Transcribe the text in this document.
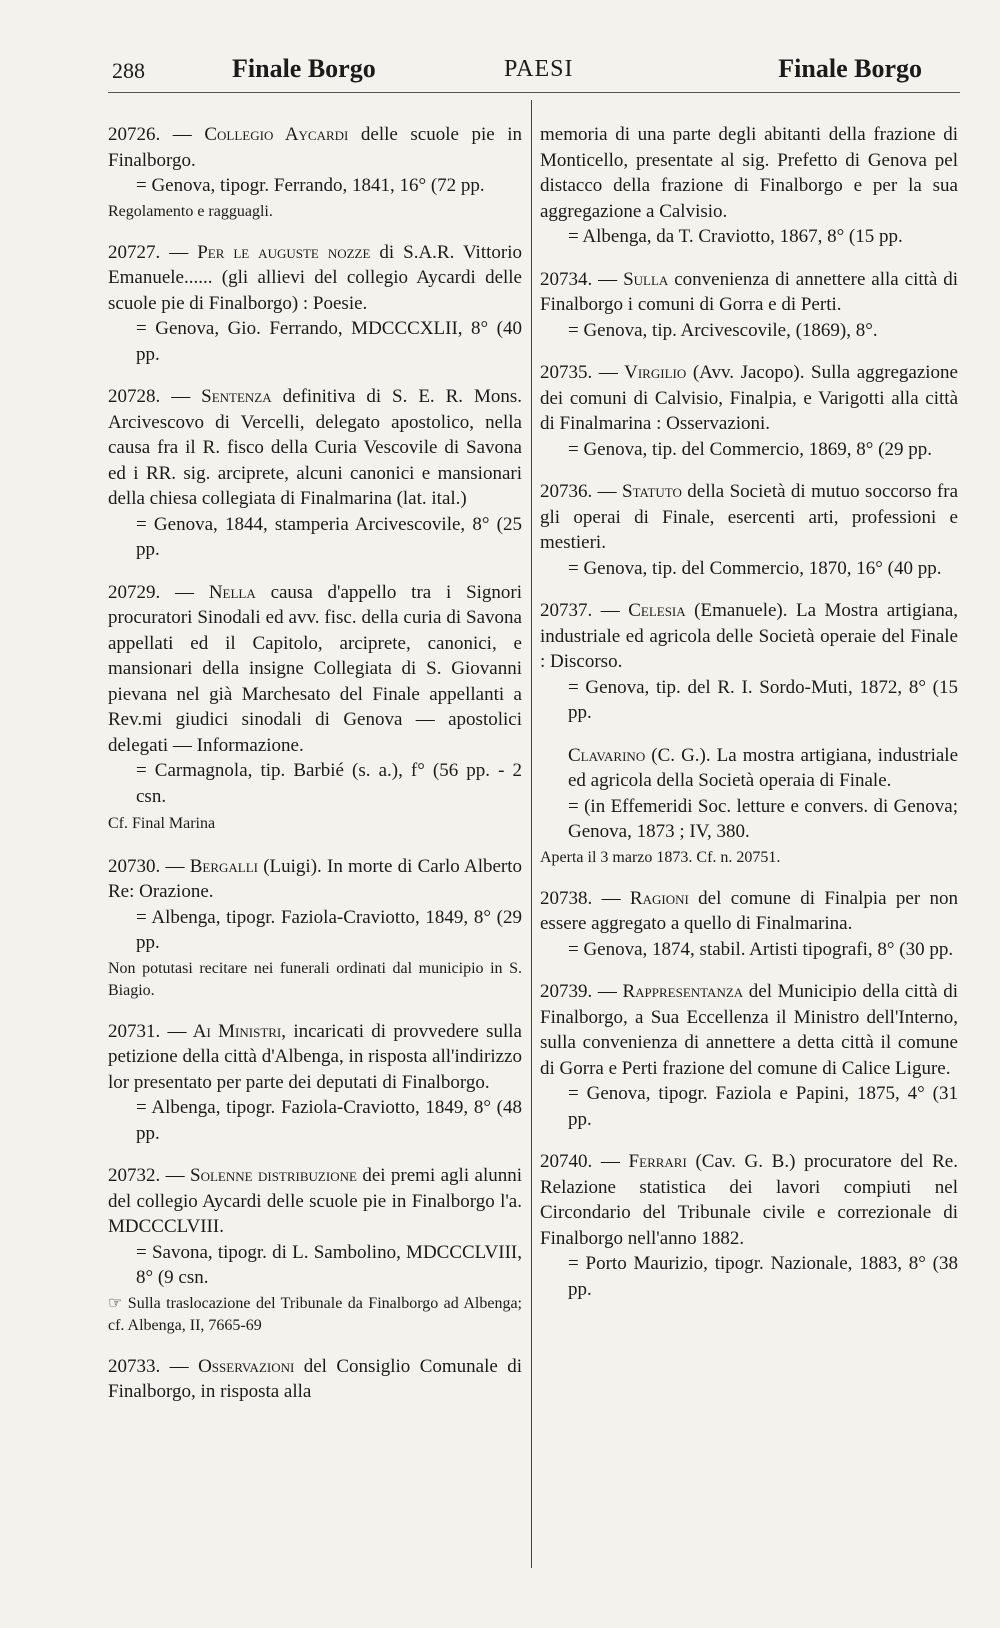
288	Finale Borgo	PAESI	Finale Borgo

20726. — Collegio Aycardi delle scuole pie in Finalborgo.

= Genova, tipogr. Ferrando, 1841, 16° (72 pp.

Regolamento e ragguagli.

20727. — Per le auguste nozze di S.A.R. Vittorio Emanuele...... (gli allievi del collegio Aycardi delle scuole pie di Finalborgo) : Poesie.

= Genova, Gio. Ferrando, MDCCCXLII, 8° (40 pp.

20728. — Sentenza definitiva di S. E. R. Mons. Arcivescovo di Vercelli, delegato apostolico, nella causa fra il R. fisco della Curia Vescovile di Savona ed i RR. sig. arciprete, alcuni canonici e mansionari della chiesa collegiata di Finalmarina (lat. ital.)

= Genova, 1844, stamperia Arcivescovile, 8° (25 pp.

20729. — Nella causa d'appello tra i Signori procuratori Sinodali ed avv. fisc. della curia di Savona appellati ed il Capitolo, arciprete, canonici, e mansionari della insigne Collegiata di S. Giovanni pievana nel già Marchesato del Finale appellanti a Rev.mi giudici sinodali di Genova — apostolici delegati — Informazione.

= Carmagnola, tip. Barbié (s. a.), f° (56 pp. - 2 csn.

Cf. Final Marina

20730. — Bergalli (Luigi). In morte di Carlo Alberto Re: Orazione.

= Albenga, tipogr. Faziola-Craviotto, 1849, 8° (29 pp.

Non potutasi recitare nei funerali ordinati dal municipio in S. Biagio.

20731. — Ai Ministri, incaricati di provvedere sulla petizione della città d'Albenga, in risposta all'indirizzo lor presentato per parte dei deputati di Finalborgo.

= Albenga, tipogr. Faziola-Craviotto, 1849, 8° (48 pp.

20732. — Solenne distribuzione dei premi agli alunni del collegio Aycardi delle scuole pie in Finalborgo l'a. MDCCCLVIII.

= Savona, tipogr. di L. Sambolino, MDCCCLVIII, 8° (9 csn.

☞ Sulla traslocazione del Tribunale da Finalborgo ad Albenga; cf. Albenga, II, 7665-69

20733. — Osservazioni del Consiglio Comunale di Finalborgo, in risposta alla

memoria di una parte degli abitanti della frazione di Monticello, presentate al sig. Prefetto di Genova pel distacco della frazione di Finalborgo e per la sua aggregazione a Calvisio.

= Albenga, da T. Craviotto, 1867, 8° (15 pp.

20734. — Sulla convenienza di annettere alla città di Finalborgo i comuni di Gorra e di Perti.

= Genova, tip. Arcivescovile, (1869), 8°.

20735. — Virgilio (Avv. Jacopo). Sulla aggregazione dei comuni di Calvisio, Finalpia, e Varigotti alla città di Finalmarina : Osservazioni.

= Genova, tip. del Commercio, 1869, 8° (29 pp.

20736. — Statuto della Società di mutuo soccorso fra gli operai di Finale, esercenti arti, professioni e mestieri.

= Genova, tip. del Commercio, 1870, 16° (40 pp.

20737. — Celesia (Emanuele). La Mostra artigiana, industriale ed agricola delle Società operaie del Finale : Discorso.

= Genova, tip. del R. I. Sordo-Muti, 1872, 8° (15 pp.

Clavarino (C. G.). La mostra artigiana, industriale ed agricola della Società operaia di Finale.

= (in Effemeridi Soc. letture e convers. di Genova; Genova, 1873 ; IV, 380.

Aperta il 3 marzo 1873. Cf. n. 20751.

20738. — Ragioni del comune di Finalpia per non essere aggregato a quello di Finalmarina.

= Genova, 1874, stabil. Artisti tipografi, 8° (30 pp.

20739. — Rappresentanza del Municipio della città di Finalborgo, a Sua Eccellenza il Ministro dell'Interno, sulla convenienza di annettere a detta città il comune di Gorra e Perti frazione del comune di Calice Ligure.

= Genova, tipogr. Faziola e Papini, 1875, 4° (31 pp.

20740. — Ferrari (Cav. G. B.) procuratore del Re. Relazione statistica dei lavori compiuti nel Circondario del Tribunale civile e correzionale di Finalborgo nell'anno 1882.

= Porto Maurizio, tipogr. Nazionale, 1883, 8° (38 pp.
